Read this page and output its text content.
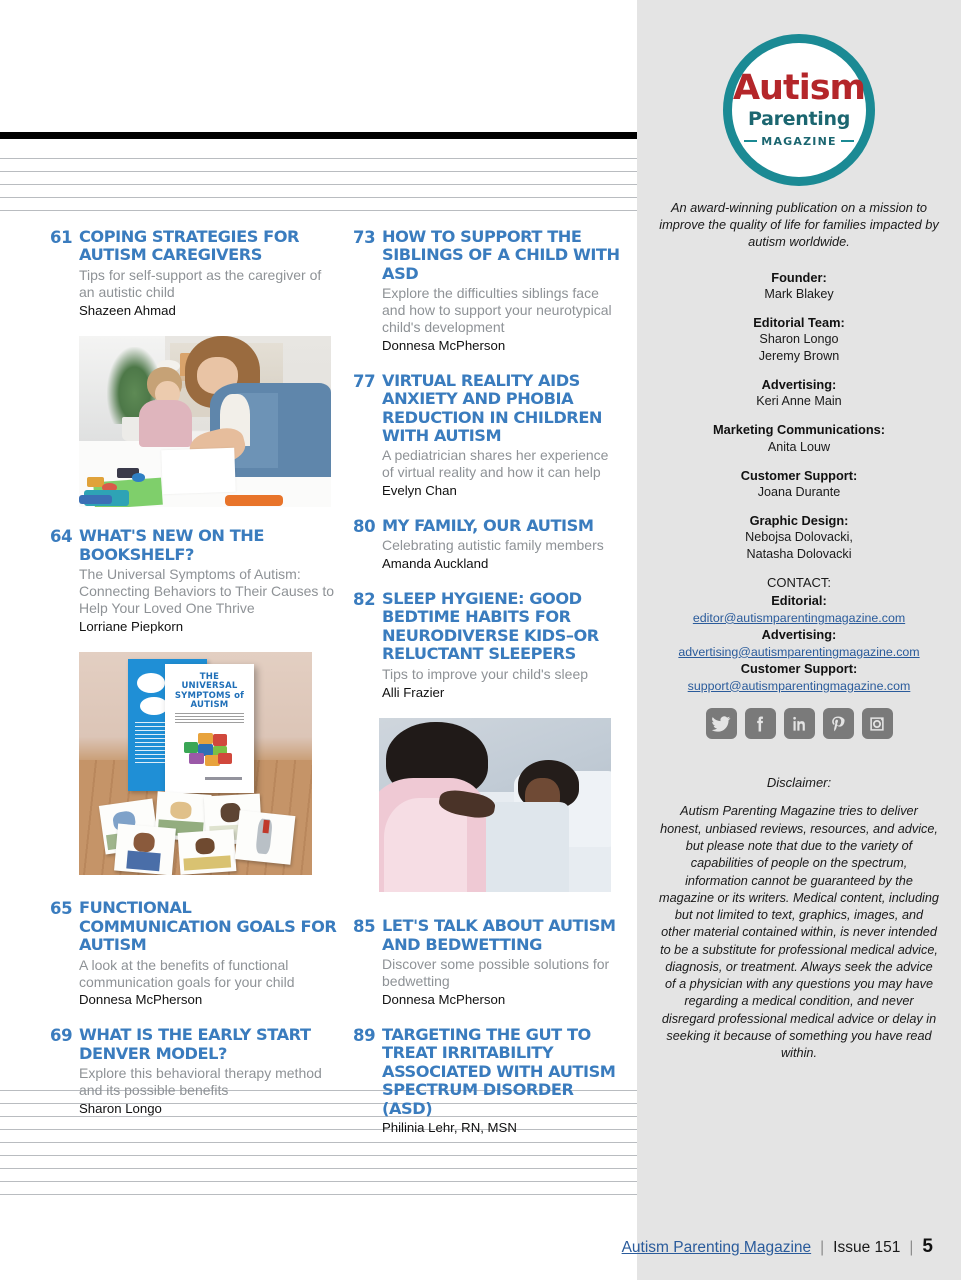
61 COPING STRATEGIES FOR AUTISM CAREGIVERS
Tips for self-support as the caregiver of an autistic child
Shazeen Ahmad
64 WHAT'S NEW ON THE BOOKSHELF?
The Universal Symptoms of Autism: Connecting Behaviors to Their Causes to Help Your Loved One Thrive
Lorriane Piepkorn
THE UNIVERSAL SYMPTOMS of AUTISM
65 FUNCTIONAL COMMUNICATION GOALS FOR AUTISM
A look at the benefits of functional communication goals for your child
Donnesa McPherson
69 WHAT IS THE EARLY START DENVER MODEL?
Explore this behavioral therapy method and its possible benefits
Sharon Longo
73 HOW TO SUPPORT THE SIBLINGS OF A CHILD WITH ASD
Explore the difficulties siblings face and how to support your neurotypical child's development
Donnesa McPherson
77 VIRTUAL REALITY AIDS ANXIETY AND PHOBIA REDUCTION IN CHILDREN WITH AUTISM
A pediatrician shares her experience of virtual reality and how it can help
Evelyn Chan
80 MY FAMILY, OUR AUTISM
Celebrating autistic family members
Amanda Auckland
82 SLEEP HYGIENE: GOOD BEDTIME HABITS FOR NEURODIVERSE KIDS–OR RELUCTANT SLEEPERS
Tips to improve your child's sleep
Alli Frazier
85 LET'S TALK ABOUT AUTISM AND BEDWETTING
Discover some possible solutions for bedwetting
Donnesa McPherson
89 TARGETING THE GUT TO TREAT IRRITABILITY ASSOCIATED WITH AUTISM SPECTRUM DISORDER (ASD)
Philinia Lehr, RN, MSN
Autism
Parenting
MAGAZINE
An award-winning publication on a mission to improve the quality of life for families impacted by autism worldwide.
Founder:
Mark Blakey
Editorial Team:
Sharon Longo
Jeremy Brown
Advertising:
Keri Anne Main
Marketing Communications:
Anita Louw
Customer Support:
Joana Durante
Graphic Design:
Nebojsa Dolovacki,
Natasha Dolovacki
CONTACT:
Editorial:
editor@autismparentingmagazine.com
Advertising:
advertising@autismparentingmagazine.com
Customer Support:
support@autismparentingmagazine.com
Disclaimer:
Autism Parenting Magazine tries to deliver honest, unbiased reviews, resources, and advice, but please note that due to the variety of capabilities of people on the spectrum, information cannot be guaranteed by the magazine or its writers. Medical content, including but not limited to text, graphics, images, and other material contained within, is never intended to be a substitute for professional medical advice, diagnosis, or treatment. Always seek the advice of a physician with any questions you may have regarding a medical condition, and never disregard professional medical advice or delay in seeking it because of something you have read within.
Autism Parenting Magazine | Issue 151 | 5
